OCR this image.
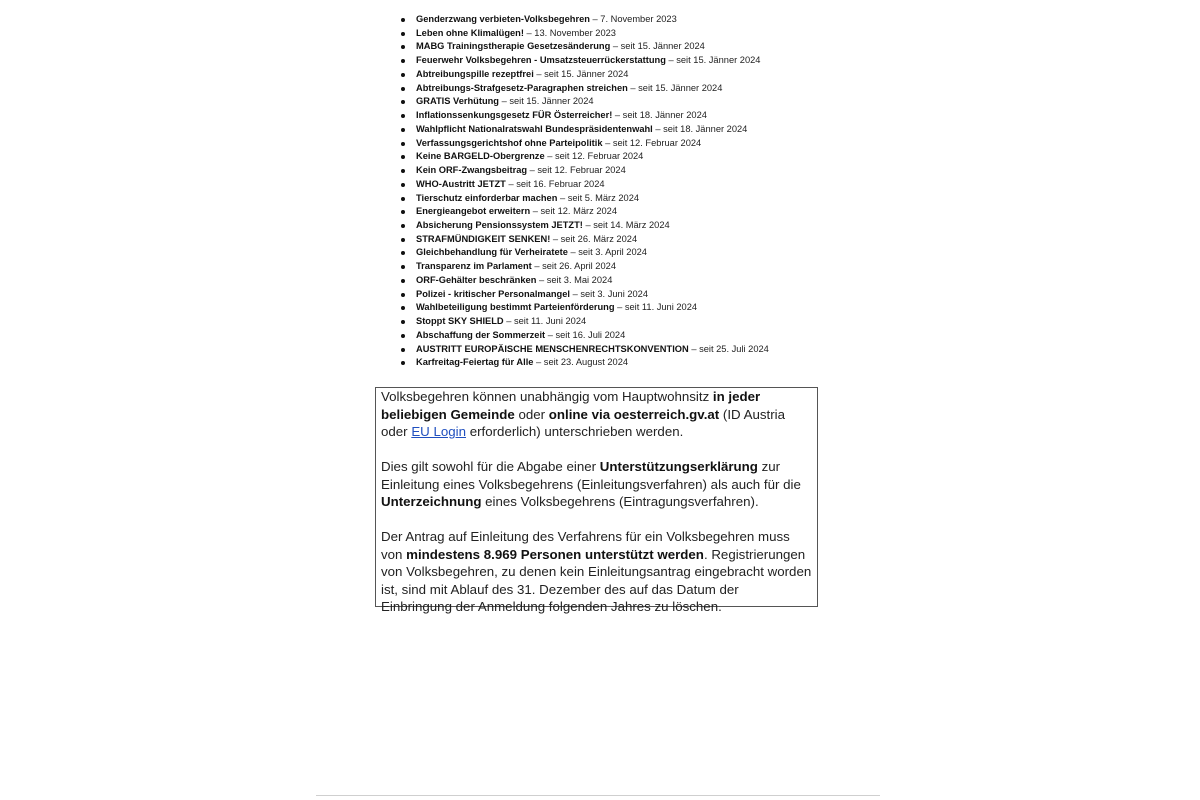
Genderzwang verbieten-Volksbegehren – 7. November 2023
Leben ohne Klimalügen! – 13. November 2023
MABG Trainingstherapie Gesetzesänderung – seit 15. Jänner 2024
Feuerwehr Volksbegehren - Umsatzsteuerrückerstattung – seit 15. Jänner 2024
Abtreibungspille rezeptfrei – seit 15. Jänner 2024
Abtreibungs-Strafgesetz-Paragraphen streichen – seit 15. Jänner 2024
GRATIS Verhütung – seit 15. Jänner 2024
Inflationssenkungsgesetz FÜR Österreicher! – seit 18. Jänner 2024
Wahlpflicht Nationalratswahl Bundespräsidentenwahl – seit 18. Jänner 2024
Verfassungsgerichtshof ohne Parteipolitik – seit 12. Februar 2024
Keine BARGELD-Obergrenze – seit 12. Februar 2024
Kein ORF-Zwangsbeitrag – seit 12. Februar 2024
WHO-Austritt JETZT – seit 16. Februar 2024
Tierschutz einforderbar machen – seit 5. März 2024
Energieangebot erweitern – seit 12. März 2024
Absicherung Pensionssystem JETZT! – seit 14. März 2024
STRAFMÜNDIGKEIT SENKEN! – seit 26. März 2024
Gleichbehandlung für Verheiratete – seit 3. April 2024
Transparenz im Parlament – seit 26. April 2024
ORF-Gehälter beschränken – seit 3. Mai 2024
Polizei - kritischer Personalmangel – seit 3. Juni 2024
Wahlbeteiligung bestimmt Parteienförderung – seit 11. Juni 2024
Stoppt SKY SHIELD – seit 11. Juni 2024
Abschaffung der Sommerzeit – seit 16. Juli 2024
AUSTRITT EUROPÄISCHE MENSCHENRECHTSKONVENTION – seit 25. Juli 2024
Karfreitag-Feiertag für Alle – seit 23. August 2024

Volksbegehren können unabhängig vom Hauptwohnsitz in jeder beliebigen Gemeinde oder online via oesterreich.gv.at (ID Austria oder EU Login erforderlich) unterschrieben werden.

Dies gilt sowohl für die Abgabe einer Unterstützungserklärung zur Einleitung eines Volksbegehrens (Einleitungsverfahren) als auch für die Unterzeichnung eines Volksbegehrens (Eintragungsverfahren).

Der Antrag auf Einleitung des Verfahrens für ein Volksbegehren muss von mindestens 8.969 Personen unterstützt werden. Registrierungen von Volksbegehren, zu denen kein Einleitungsantrag eingebracht worden ist, sind mit Ablauf des 31. Dezember des auf das Datum der Einbringung der Anmeldung folgenden Jahres zu löschen.
